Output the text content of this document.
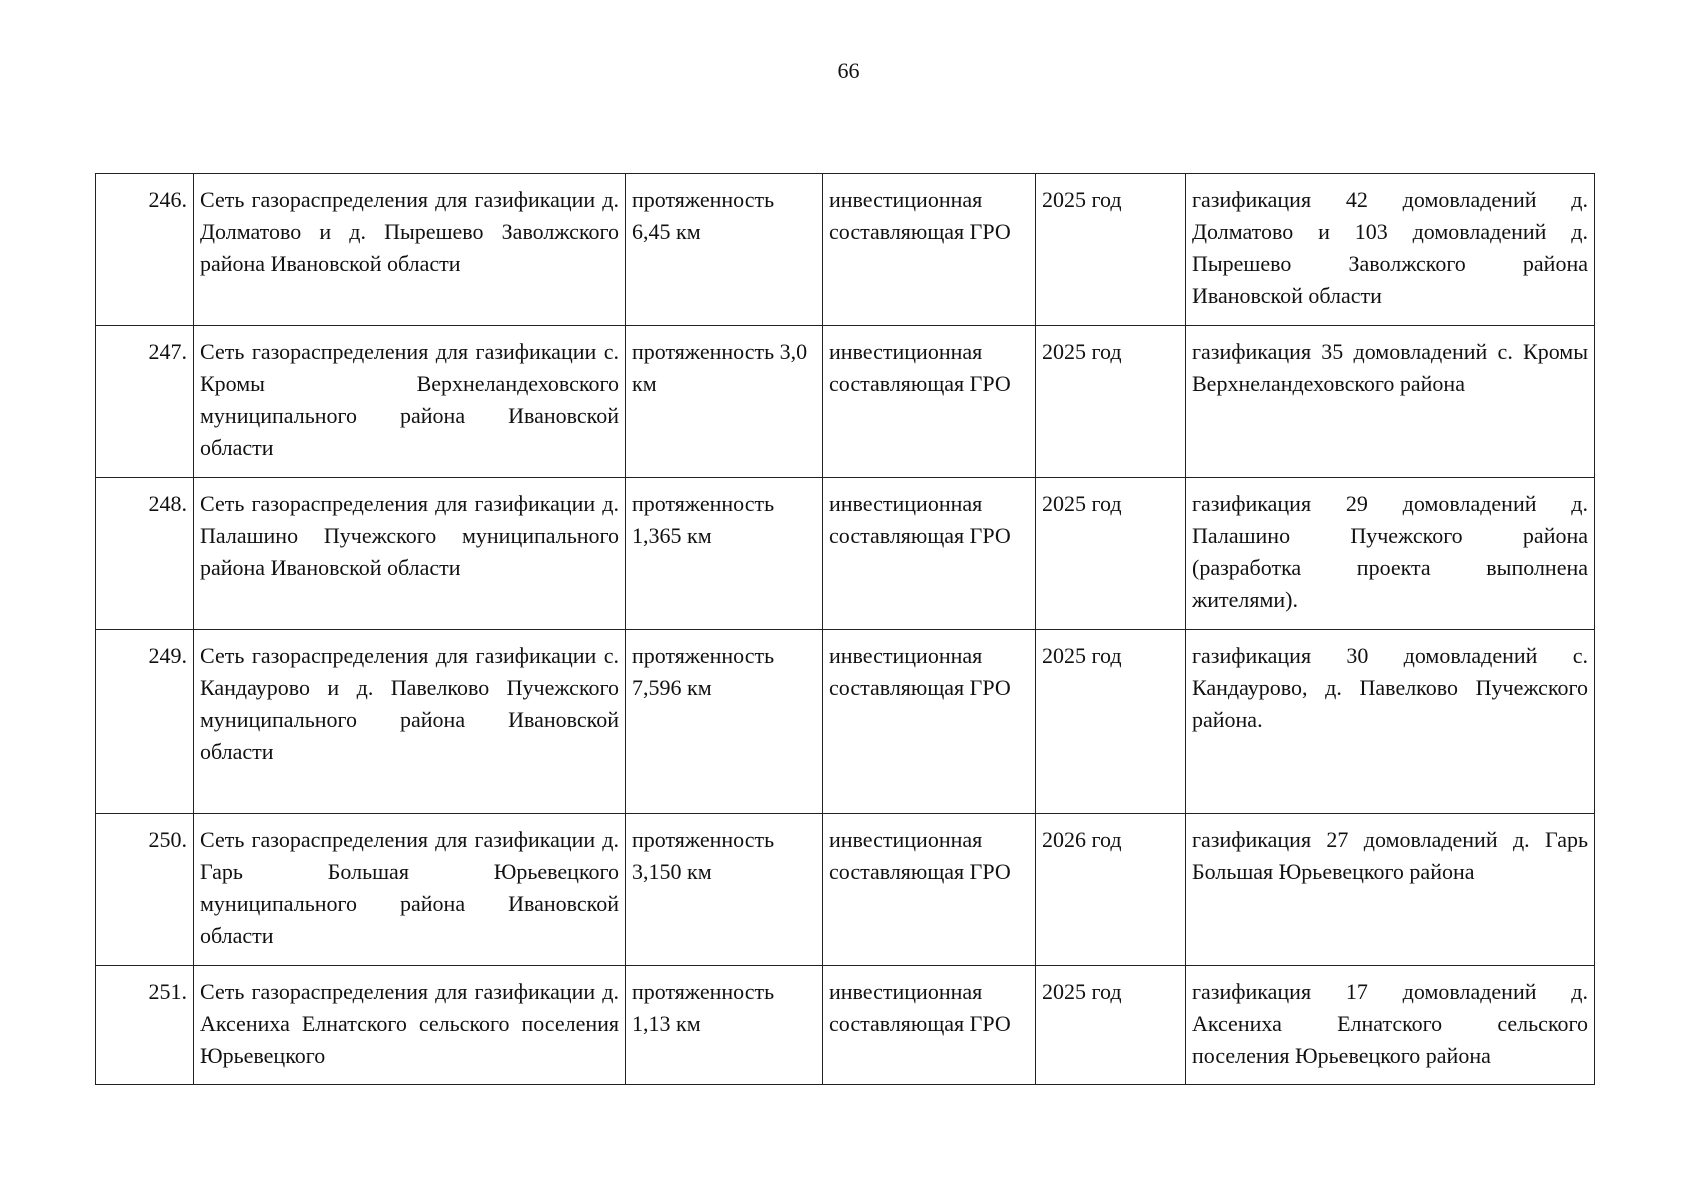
66
246.	Сеть газораспределения для газификации д. Долматово и д. Пырешево Заволжского района Ивановской области	протяженность 6,45 км	инвестиционная составляющая ГРО	2025 год	газификация 42 домовладений д. Долматово и 103 домовладений д. Пырешево Заволжского района Ивановской области
247.	Сеть газораспределения для газификации с. Кромы Верхнеландеховского муниципального района Ивановской области	протяженность 3,0 км	инвестиционная составляющая ГРО	2025 год	газификация 35 домовладений с. Кромы Верхнеландеховского района
248.	Сеть газораспределения для газификации д. Палашино Пучежского муниципального района Ивановской области	протяженность 1,365 км	инвестиционная составляющая ГРО	2025 год	газификация 29 домовладений д. Палашино Пучежского района (разработка проекта выполнена жителями).
249.	Сеть газораспределения для газификации с. Кандаурово и д. Павелково Пучежского муниципального района Ивановской области	протяженность 7,596 км	инвестиционная составляющая ГРО	2025 год	газификация 30 домовладений с. Кандаурово, д. Павелково Пучежского района.
250.	Сеть газораспределения для газификации д. Гарь Большая Юрьевецкого муниципального района Ивановской области	протяженность 3,150 км	инвестиционная составляющая ГРО	2026 год	газификация 27 домовладений д. Гарь Большая Юрьевецкого района
251.	Сеть газораспределения для газификации д. Аксениха Елнатского сельского поселения Юрьевецкого	протяженность 1,13 км	инвестиционная составляющая ГРО	2025 год	газификация 17 домовладений д. Аксениха Елнатского сельского поселения Юрьевецкого района
